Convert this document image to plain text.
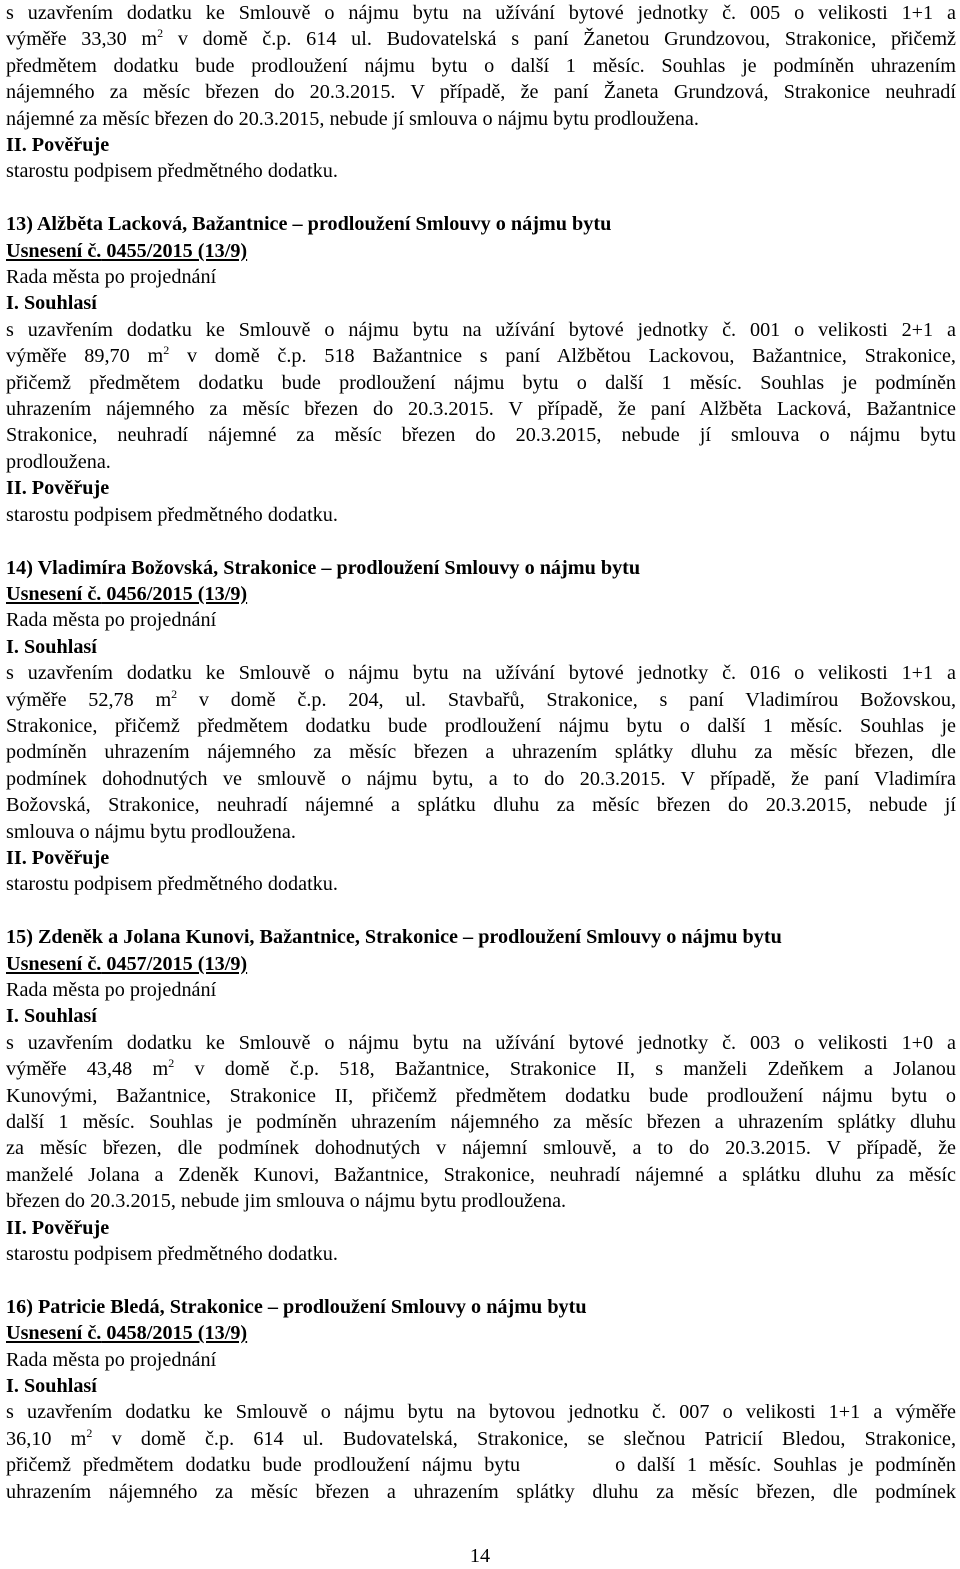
s uzavřením dodatku ke Smlouvě o nájmu bytu na užívání bytové jednotky č. 005 o velikosti 1+1 a

výměře 33,30 $m^2$ v domě č.p. 614 ul. Budovatelská s paní Žanetou Grundzovou, Strakonice, přičemž

předmětem dodatku bude prodloužení nájmu bytu o další 1 měsíc. Souhlas je podmíněn uhrazením

nájemného za měsíc březen do 20.3.2015. V případě, že paní Žaneta Grundzová, Strakonice neuhradí

nájemné za měsíc březen do 20.3.2015, nebude jí smlouva o nájmu bytu prodloužena.

II. Pověřuje

starostu podpisem předmětného dodatku.

13) Alžběta Lacková, Bažantnice – prodloužení Smlouvy o nájmu bytu

Usnesení č. 0455/2015 (13/9)

Rada města po projednání

I. Souhlasí

s uzavřením dodatku ke Smlouvě o nájmu bytu na užívání bytové jednotky č. 001 o velikosti 2+1 a

výměře 89,70 $m^2$ v domě č.p. 518 Bažantnice s paní Alžbětou Lackovou, Bažantnice, Strakonice,

přičemž předmětem dodatku bude prodloužení nájmu bytu o další 1 měsíc. Souhlas je podmíněn

uhrazením nájemného za měsíc březen do 20.3.2015. V případě, že paní Alžběta Lacková, Bažantnice

Strakonice, neuhradí nájemné za měsíc březen do 20.3.2015, nebude jí smlouva o nájmu bytu

prodloužena.

II. Pověřuje

starostu podpisem předmětného dodatku.

14) Vladimíra Božovská, Strakonice – prodloužení Smlouvy o nájmu bytu

Usnesení č. 0456/2015 (13/9)

Rada města po projednání

I. Souhlasí

s uzavřením dodatku ke Smlouvě o nájmu bytu na užívání bytové jednotky č. 016 o velikosti 1+1 a

výměře 52,78 $m^2$ v domě č.p. 204, ul. Stavbařů, Strakonice, s paní Vladimírou Božovskou,

Strakonice, přičemž předmětem dodatku bude prodloužení nájmu bytu o další 1 měsíc. Souhlas je

podmíněn uhrazením nájemného za měsíc březen a uhrazením splátky dluhu za měsíc březen, dle

podmínek dohodnutých ve smlouvě o nájmu bytu, a to do 20.3.2015. V případě, že paní Vladimíra

Božovská, Strakonice, neuhradí nájemné a splátku dluhu za měsíc březen do 20.3.2015, nebude jí

smlouva o nájmu bytu prodloužena.

II. Pověřuje

starostu podpisem předmětného dodatku.

15) Zdeněk a Jolana Kunovi, Bažantnice, Strakonice – prodloužení Smlouvy o nájmu bytu

Usnesení č. 0457/2015 (13/9)

Rada města po projednání

I. Souhlasí

s uzavřením dodatku ke Smlouvě o nájmu bytu na užívání bytové jednotky č. 003 o velikosti 1+0 a

výměře 43,48 $m^2$ v domě č.p. 518, Bažantnice, Strakonice II, s manželi Zdeňkem a Jolanou

Kunovými, Bažantnice, Strakonice II, přičemž předmětem dodatku bude prodloužení nájmu bytu o

další 1 měsíc. Souhlas je podmíněn uhrazením nájemného za měsíc březen a uhrazením splátky dluhu

za měsíc březen, dle podmínek dohodnutých v nájemní smlouvě, a to do 20.3.2015. V případě, že

manželé Jolana a Zdeněk Kunovi, Bažantnice, Strakonice, neuhradí nájemné a splátku dluhu za měsíc

březen do 20.3.2015, nebude jim smlouva o nájmu bytu prodloužena.

II. Pověřuje

starostu podpisem předmětného dodatku.

16) Patricie Bledá, Strakonice – prodloužení Smlouvy o nájmu bytu

Usnesení č. 0458/2015 (13/9)

Rada města po projednání

I. Souhlasí

s uzavřením dodatku ke Smlouvě o nájmu bytu na bytovou jednotku č. 007 o velikosti 1+1 a výměře

36,10 $m^2$ v domě č.p. 614 ul. Budovatelská, Strakonice, se slečnou Patricií Bledou, Strakonice,

přičemž předmětem dodatku bude prodloužení nájmu bytu        o další 1 měsíc. Souhlas je podmíněn

uhrazením nájemného za měsíc březen a uhrazením splátky dluhu za měsíc březen, dle podmínek

14
